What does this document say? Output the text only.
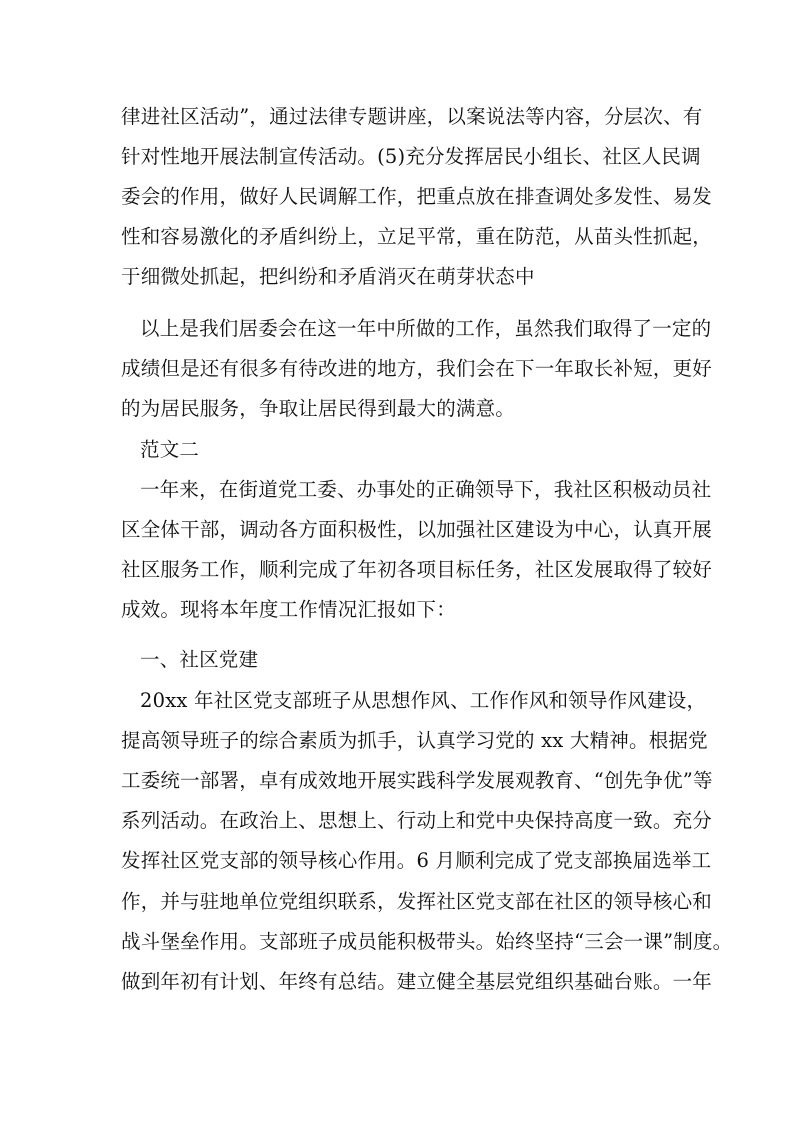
律进社区活动”，通过法律专题讲座，以案说法等内容，分层次、有
针对性地开展法制宣传活动。(5)充分发挥居民小组长、社区人民调
委会的作用，做好人民调解工作，把重点放在排查调处多发性、易发
性和容易激化的矛盾纠纷上，立足平常，重在防范，从苗头性抓起，
于细微处抓起，把纠纷和矛盾消灭在萌芽状态中
以上是我们居委会在这一年中所做的工作，虽然我们取得了一定的
成绩但是还有很多有待改进的地方，我们会在下一年取长补短，更好
的为居民服务，争取让居民得到最大的满意。
范文二
一年来，在街道党工委、办事处的正确领导下，我社区积极动员社
区全体干部，调动各方面积极性，以加强社区建设为中心，认真开展
社区服务工作，顺利完成了年初各项目标任务，社区发展取得了较好
成效。现将本年度工作情况汇报如下：
一、社区党建
20xx 年社区党支部班子从思想作风、工作作风和领导作风建设，
提高领导班子的综合素质为抓手，认真学习党的 xx 大精神。根据党
工委统一部署，卓有成效地开展实践科学发展观教育、“创先争优”等
系列活动。在政治上、思想上、行动上和党中央保持高度一致。充分
发挥社区党支部的领导核心作用。6 月顺利完成了党支部换届选举工
作，并与驻地单位党组织联系，发挥社区党支部在社区的领导核心和
战斗堡垒作用。支部班子成员能积极带头。始终坚持“三会一课”制度。
做到年初有计划、年终有总结。建立健全基层党组织基础台账。一年
